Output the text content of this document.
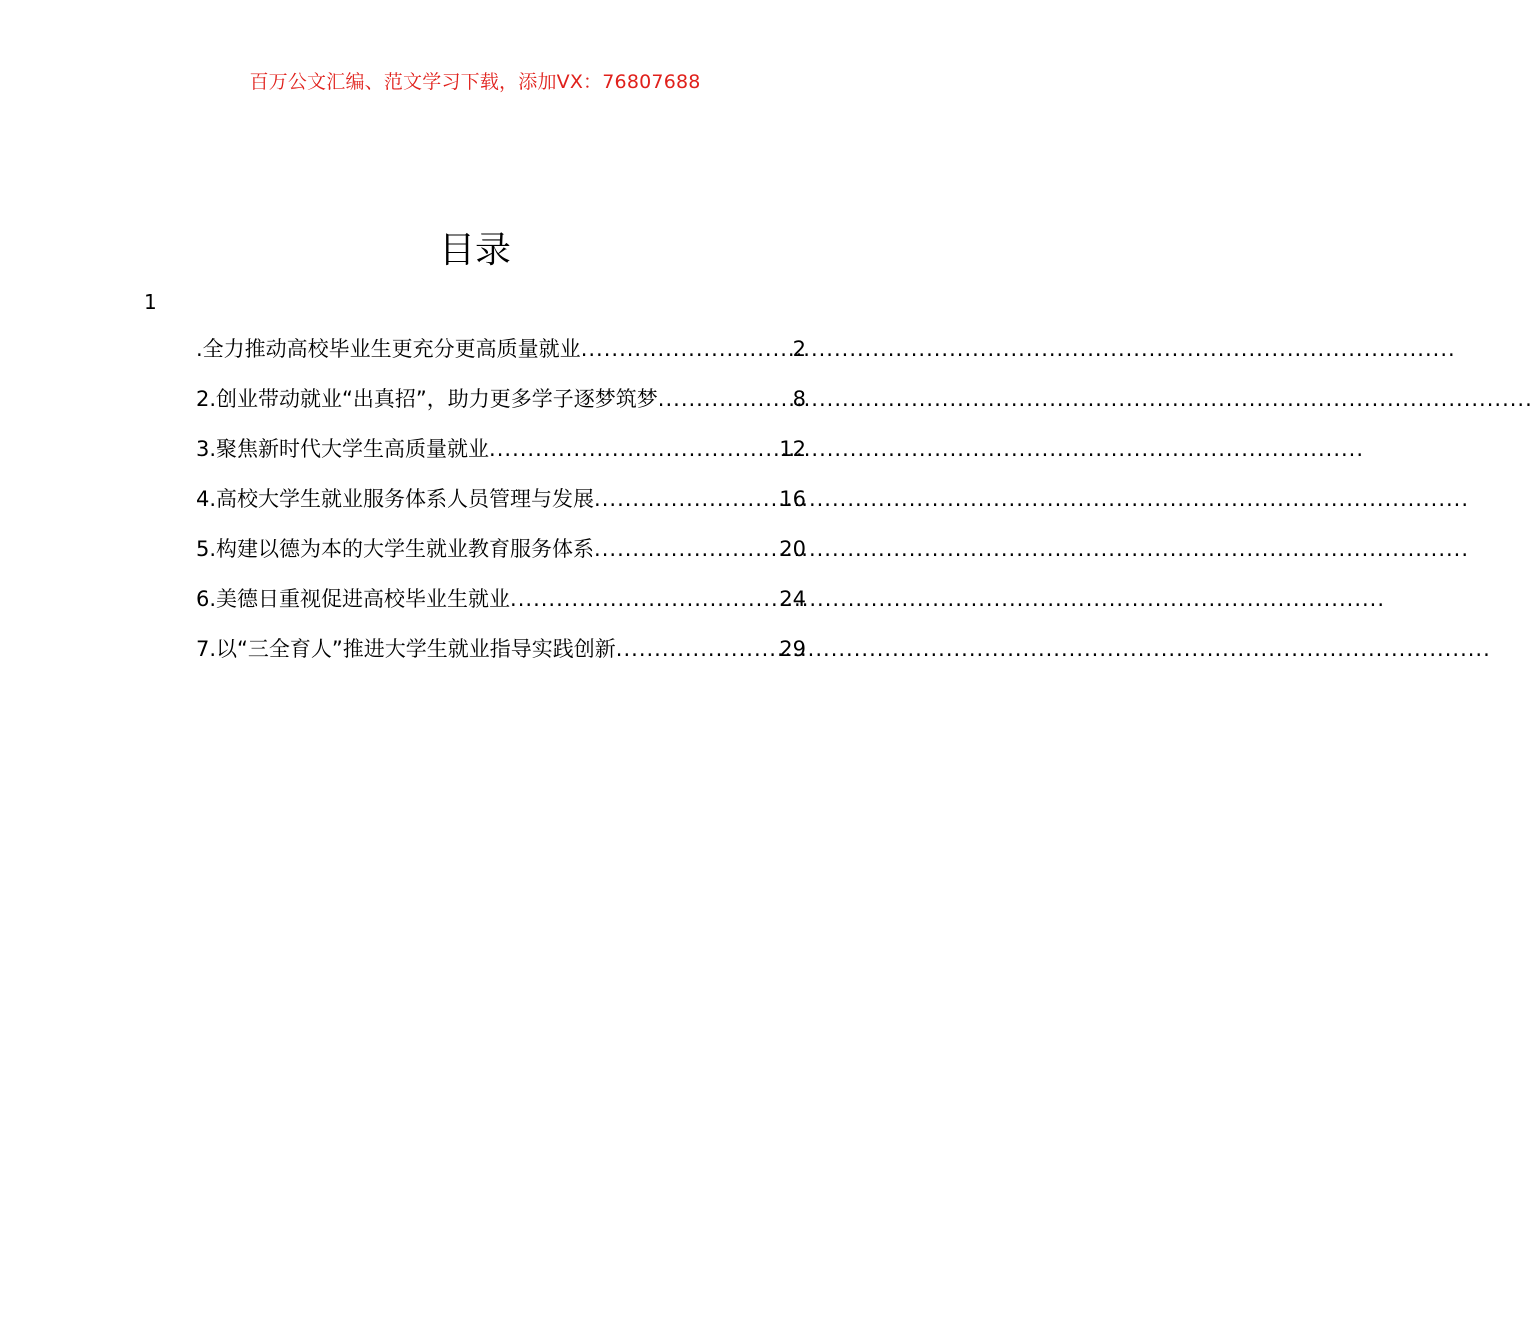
百万公文汇编、范文学习下载，添加VX：76807688
目录
1
.全力推动高校毕业生更充分更高质量就业 .....	2
2.创业带动就业“出真招”，助力更多学子逐梦筑梦 .....	8
3.聚焦新时代大学生高质量就业 .....	12
4.高校大学生就业服务体系人员管理与发展 .....	16
5.构建以德为本的大学生就业教育服务体系 .....	20
6.美德日重视促进高校毕业生就业 .....	24
7.以“三全育人”推进大学生就业指导实践创新 .....	29
